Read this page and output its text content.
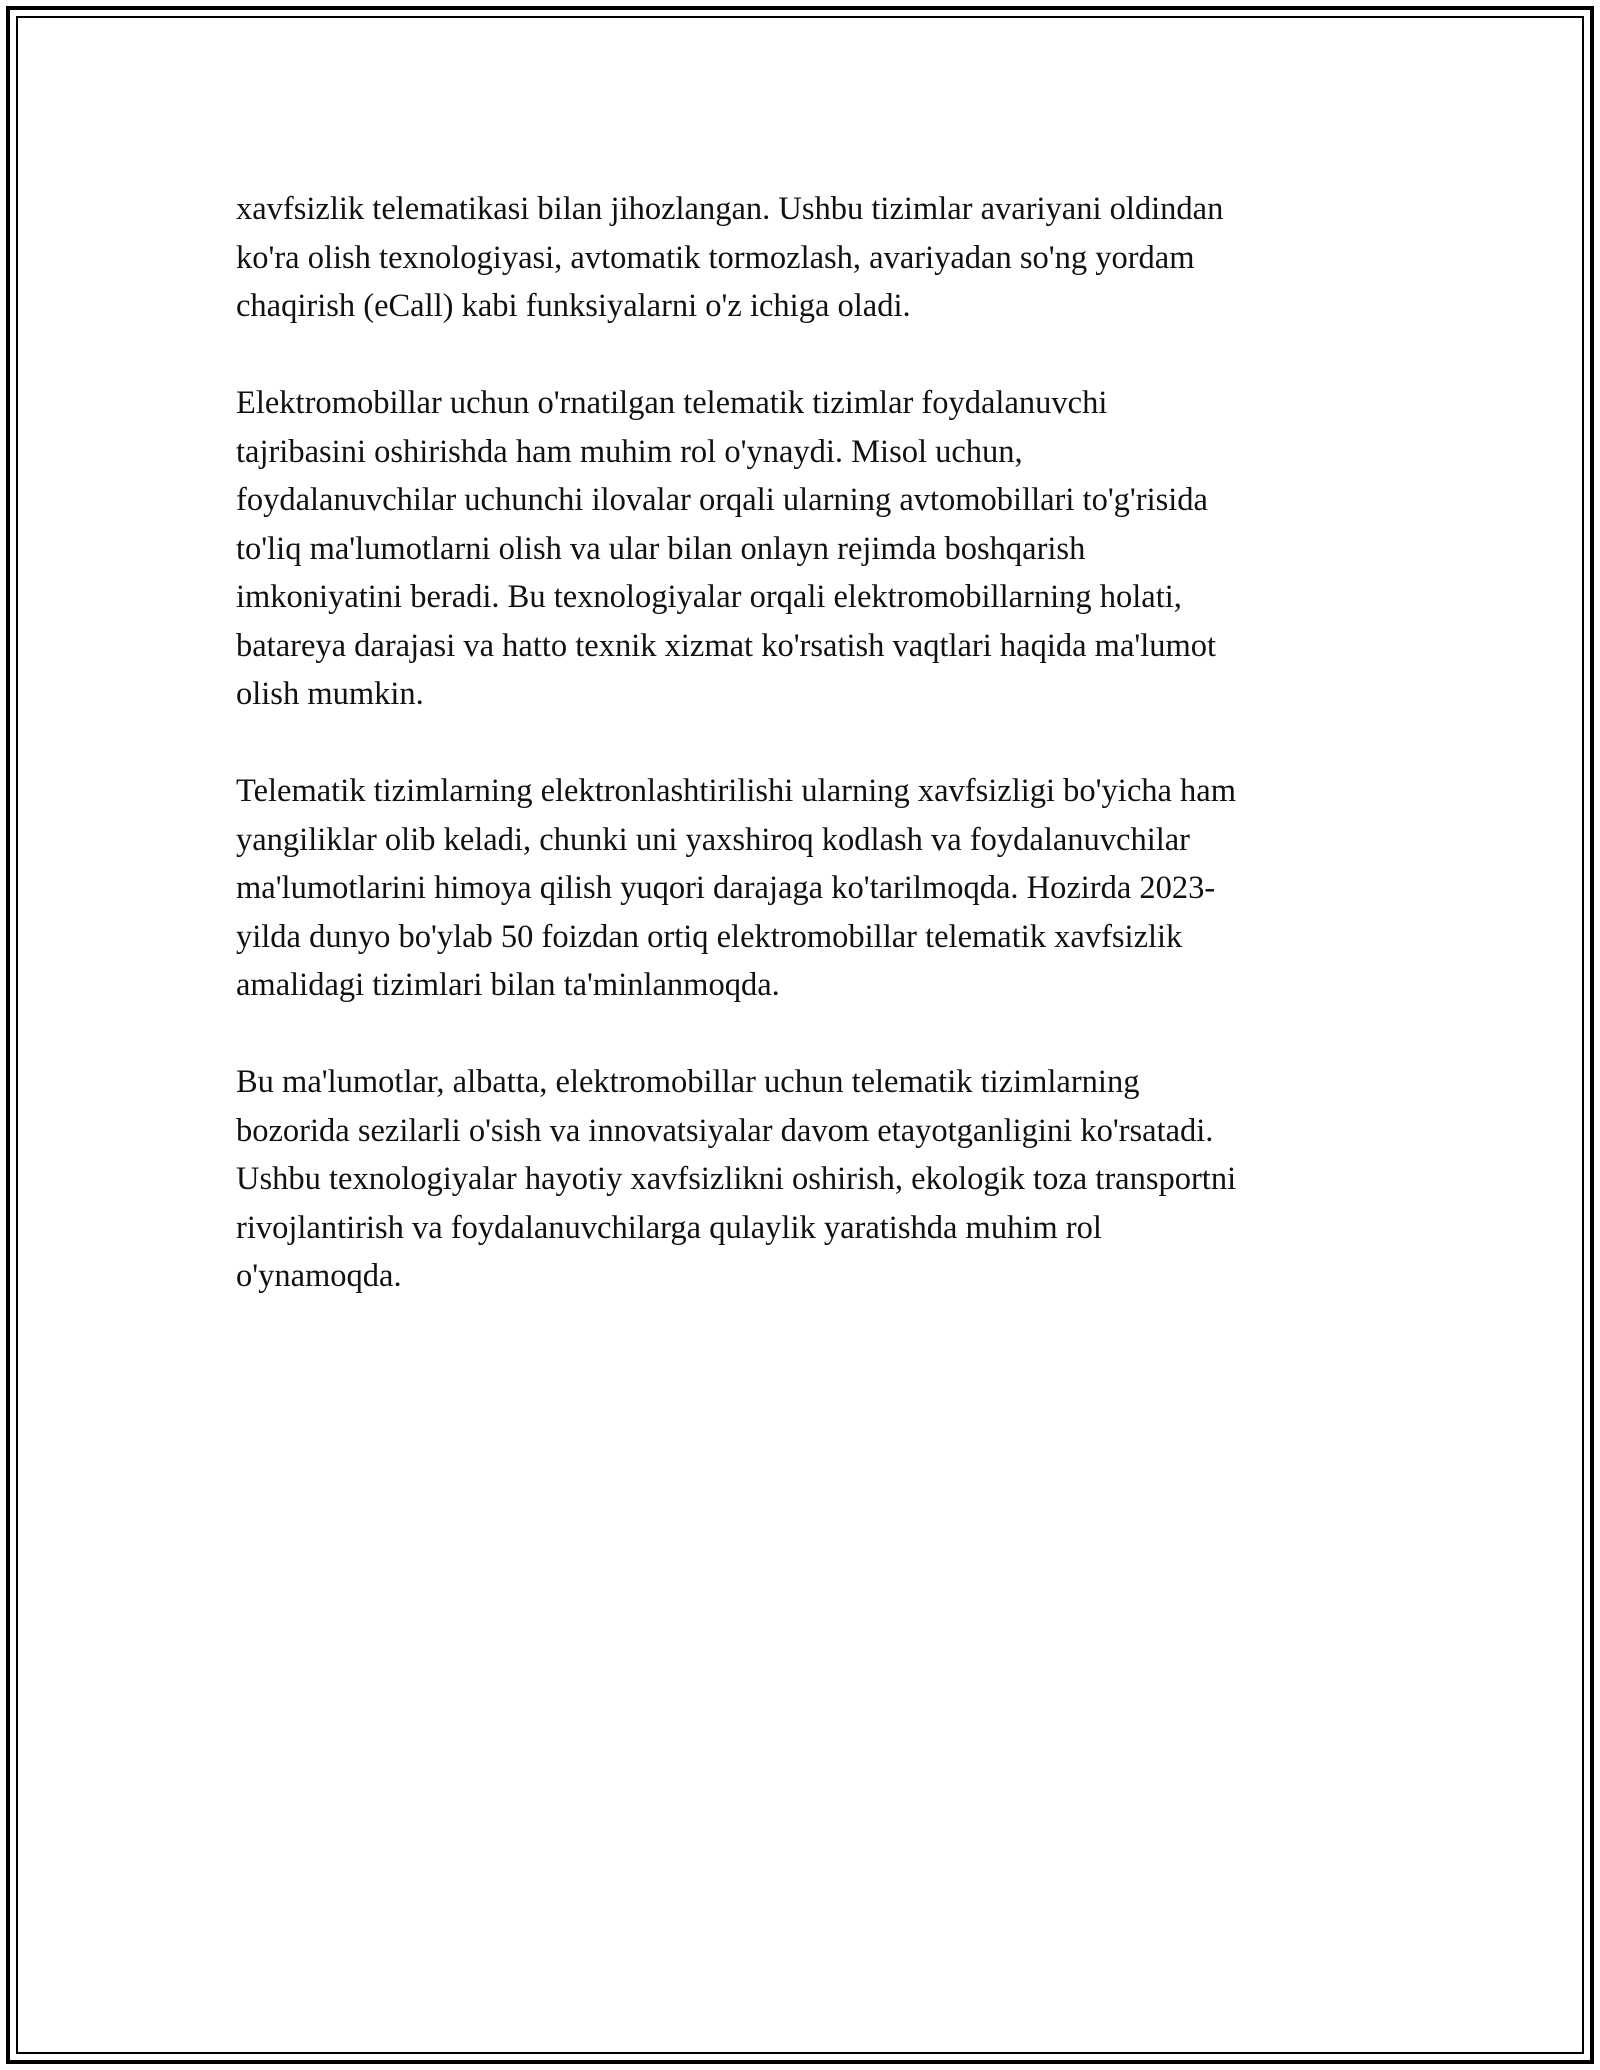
xavfsizlik telematikasi bilan jihozlangan. Ushbu tizimlar avariyani oldindan
ko'ra olish texnologiyasi, avtomatik tormozlash, avariyadan so'ng yordam
chaqirish (eCall) kabi funksiyalarni o'z ichiga oladi.

Elektromobillar uchun o'rnatilgan telematik tizimlar foydalanuvchi
tajribasini oshirishda ham muhim rol o'ynaydi. Misol uchun,
foydalanuvchilar uchunchi ilovalar orqali ularning avtomobillari to'g'risida
to'liq ma'lumotlarni olish va ular bilan onlayn rejimda boshqarish
imkoniyatini beradi. Bu texnologiyalar orqali elektromobillarning holati,
batareya darajasi va hatto texnik xizmat ko'rsatish vaqtlari haqida ma'lumot
olish mumkin.

Telematik tizimlarning elektronlashtirilishi ularning xavfsizligi bo'yicha ham
yangiliklar olib keladi, chunki uni yaxshiroq kodlash va foydalanuvchilar
ma'lumotlarini himoya qilish yuqori darajaga ko'tarilmoqda. Hozirda 2023-
yilda dunyo bo'ylab 50 foizdan ortiq elektromobillar telematik xavfsizlik
amalidagi tizimlari bilan ta'minlanmoqda.

Bu ma'lumotlar, albatta, elektromobillar uchun telematik tizimlarning
bozorida sezilarli o'sish va innovatsiyalar davom etayotganligini ko'rsatadi.
Ushbu texnologiyalar hayotiy xavfsizlikni oshirish, ekologik toza transportni
rivojlantirish va foydalanuvchilarga qulaylik yaratishda muhim rol
o'ynamoqda.
